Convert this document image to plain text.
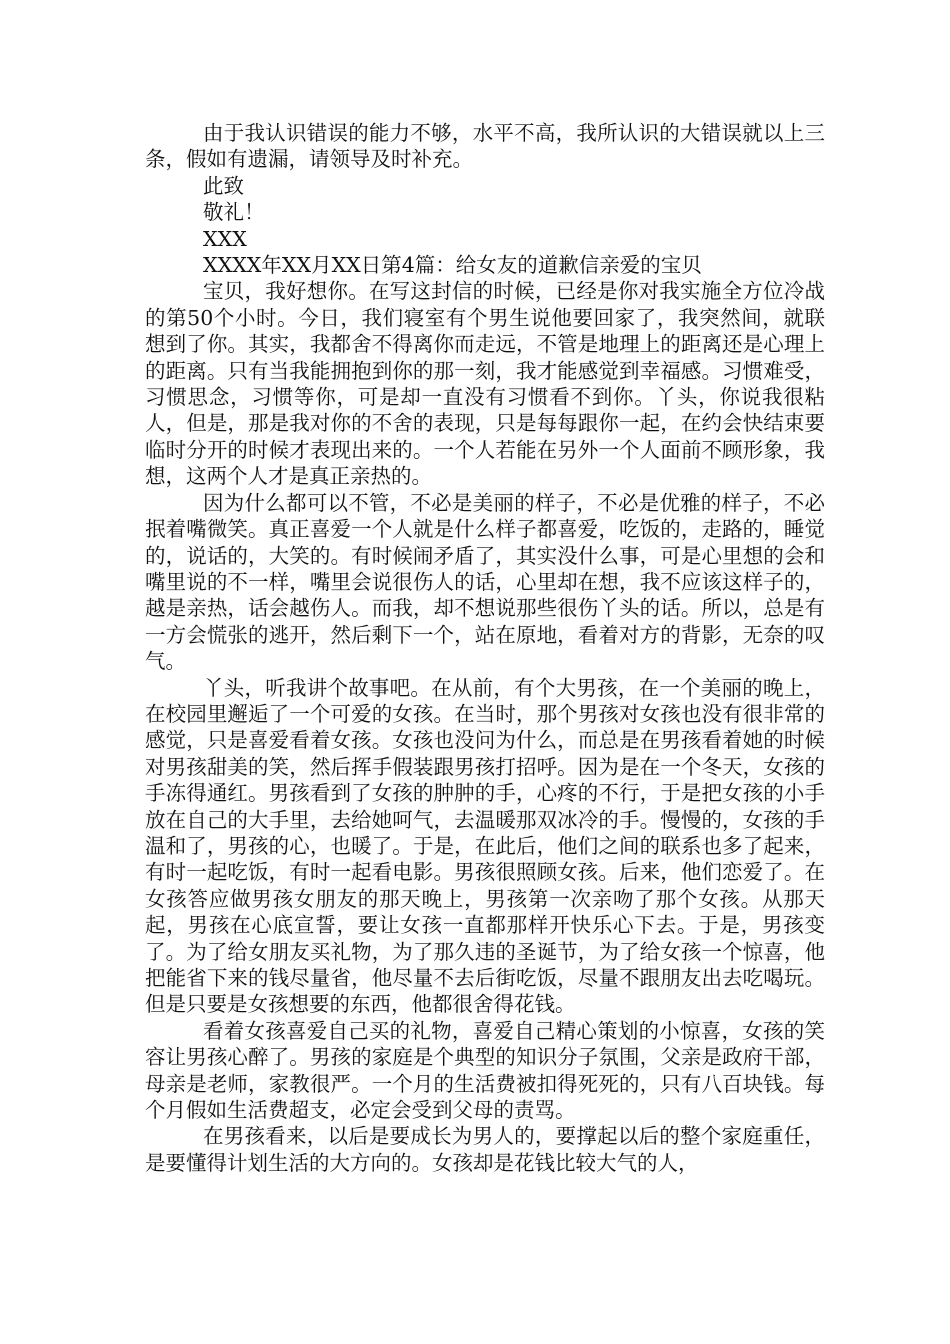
由于我认识错误的能力不够，水平不高，我所认识的大错误就以上三条，假如有遗漏，请领导及时补充。

此致

敬礼！

XXX

XXXX年XX月XX日第4篇：给女友的道歉信亲爱的宝贝

宝贝，我好想你。在写这封信的时候，已经是你对我实施全方位冷战的第50个小时。今日，我们寝室有个男生说他要回家了，我突然间，就联想到了你。其实，我都舍不得离你而走远，不管是地理上的距离还是心理上的距离。只有当我能拥抱到你的那一刻，我才能感觉到幸福感。习惯难受，习惯思念，习惯等你，可是却一直没有习惯看不到你。丫头，你说我很粘人，但是，那是我对你的不舍的表现，只是每每跟你一起，在约会快结束要临时分开的时候才表现出来的。一个人若能在另外一个人面前不顾形象，我想，这两个人才是真正亲热的。

因为什么都可以不管，不必是美丽的样子，不必是优雅的样子，不必抿着嘴微笑。真正喜爱一个人就是什么样子都喜爱，吃饭的，走路的，睡觉的，说话的，大笑的。有时候闹矛盾了，其实没什么事，可是心里想的会和嘴里说的不一样，嘴里会说很伤人的话，心里却在想，我不应该这样子的，越是亲热，话会越伤人。而我，却不想说那些很伤丫头的话。所以，总是有一方会慌张的逃开，然后剩下一个，站在原地，看着对方的背影，无奈的叹气。

丫头，听我讲个故事吧。在从前，有个大男孩，在一个美丽的晚上，在校园里邂逅了一个可爱的女孩。在当时，那个男孩对女孩也没有很非常的感觉，只是喜爱看着女孩。女孩也没问为什么，而总是在男孩看着她的时候对男孩甜美的笑，然后挥手假装跟男孩打招呼。因为是在一个冬天，女孩的手冻得通红。男孩看到了女孩的肿肿的手，心疼的不行，于是把女孩的小手放在自己的大手里，去给她呵气，去温暖那双冰冷的手。慢慢的，女孩的手温和了，男孩的心，也暖了。于是，在此后，他们之间的联系也多了起来，有时一起吃饭，有时一起看电影。男孩很照顾女孩。后来，他们恋爱了。在女孩答应做男孩女朋友的那天晚上，男孩第一次亲吻了那个女孩。从那天起，男孩在心底宣誓，要让女孩一直都那样开快乐心下去。于是，男孩变了。为了给女朋友买礼物，为了那久违的圣诞节，为了给女孩一个惊喜，他把能省下来的钱尽量省，他尽量不去后街吃饭，尽量不跟朋友出去吃喝玩。但是只要是女孩想要的东西，他都很舍得花钱。

看着女孩喜爱自己买的礼物，喜爱自己精心策划的小惊喜，女孩的笑容让男孩心醉了。男孩的家庭是个典型的知识分子氛围，父亲是政府干部，母亲是老师，家教很严。一个月的生活费被扣得死死的，只有八百块钱。每个月假如生活费超支，必定会受到父母的责骂。

在男孩看来，以后是要成长为男人的，要撑起以后的整个家庭重任，是要懂得计划生活的大方向的。女孩却是花钱比较大气的人，
